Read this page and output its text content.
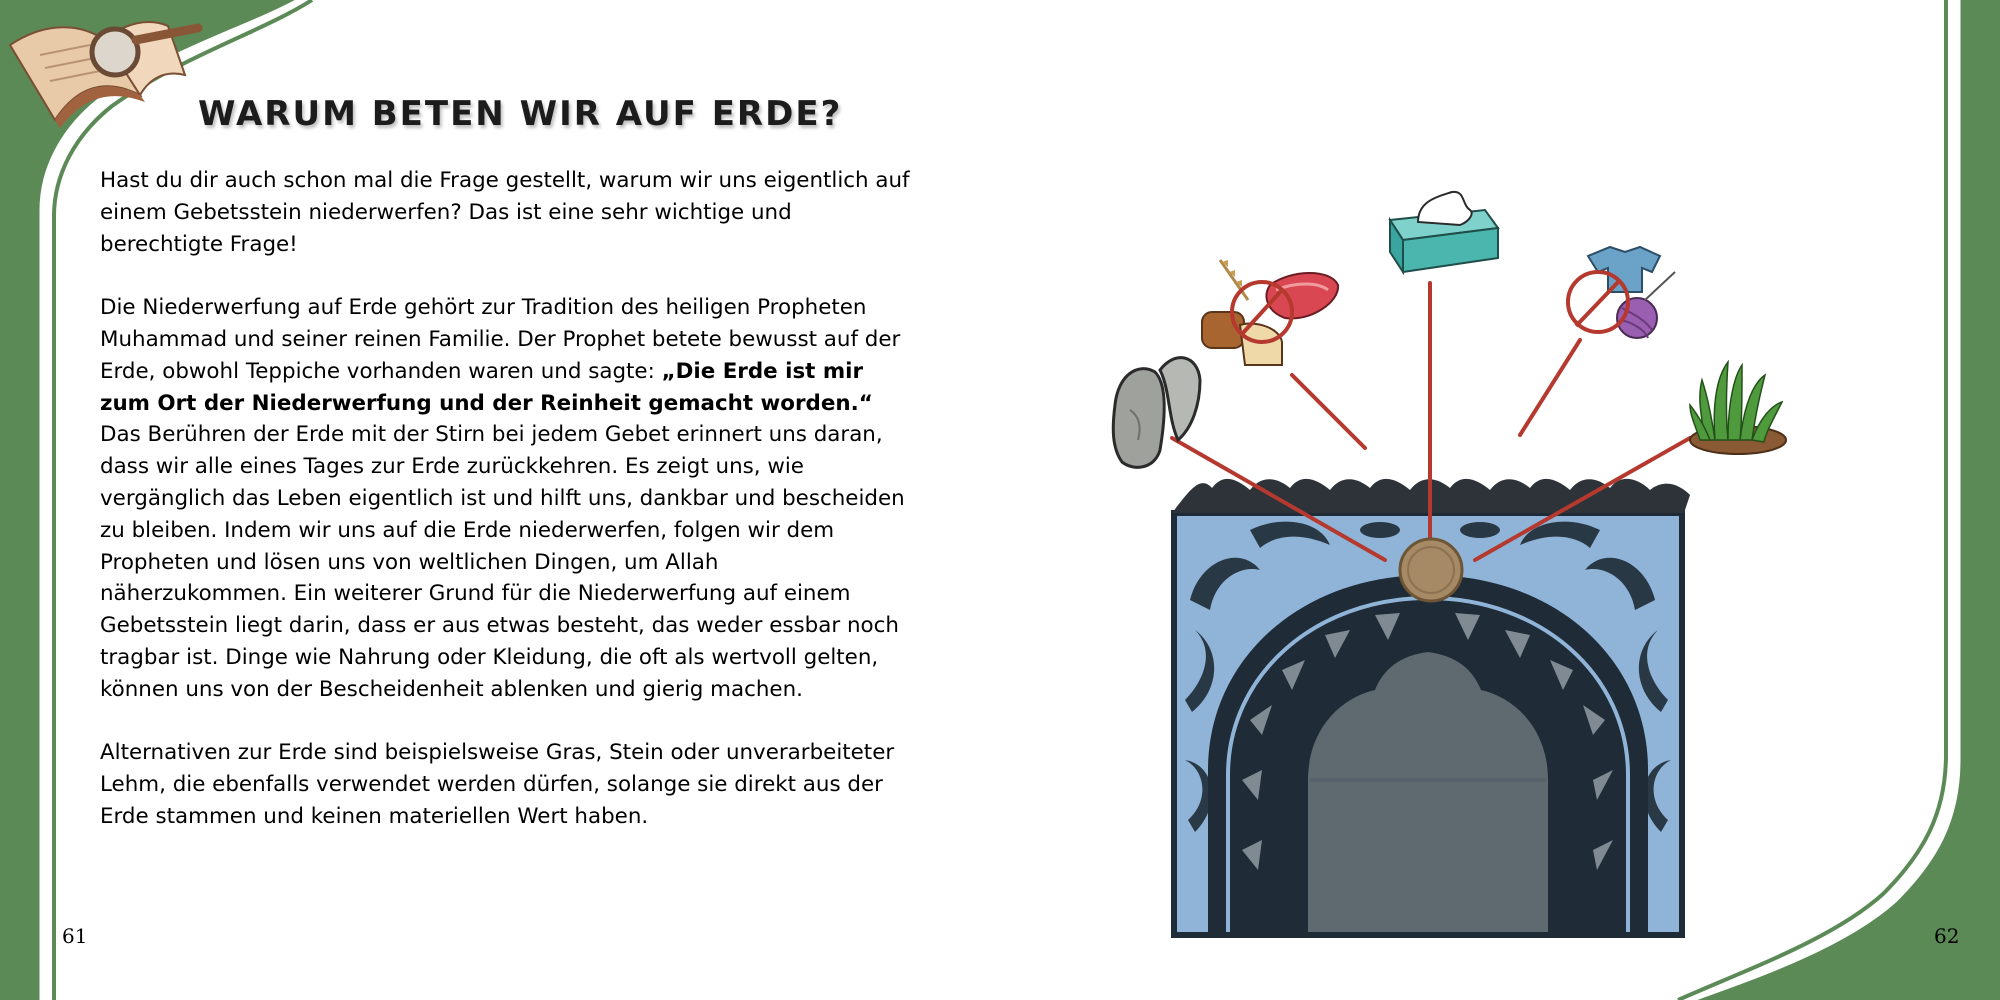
WARUM BETEN WIR AUF ERDE?

Hast du dir auch schon mal die Frage gestellt, warum wir uns eigentlich auf einem Gebetsstein niederwerfen? Das ist eine sehr wichtige und berechtigte Frage!

Die Niederwerfung auf Erde gehört zur Tradition des heiligen Propheten Muhammad und seiner reinen Familie. Der Prophet betete bewusst auf der Erde, obwohl Teppiche vorhanden waren und sagte: „Die Erde ist mir zum Ort der Niederwerfung und der Reinheit gemacht worden.“

Das Berühren der Erde mit der Stirn bei jedem Gebet erinnert uns daran, dass wir alle eines Tages zur Erde zurückkehren. Es zeigt uns, wie vergänglich das Leben eigentlich ist und hilft uns, dankbar und bescheiden zu bleiben. Indem wir uns auf die Erde niederwerfen, folgen wir dem Propheten und lösen uns von weltlichen Dingen, um Allah näherzukommen. Ein weiterer Grund für die Niederwerfung auf einem Gebetsstein liegt darin, dass er aus etwas besteht, das weder essbar noch tragbar ist. Dinge wie Nahrung oder Kleidung, die oft als wertvoll gelten, können uns von der Bescheidenheit ablenken und gierig machen.

Alternativen zur Erde sind beispielsweise Gras, Stein oder unverarbeiteter Lehm, die ebenfalls verwendet werden dürfen, solange sie direkt aus der Erde stammen und keinen materiellen Wert haben.

61	62
